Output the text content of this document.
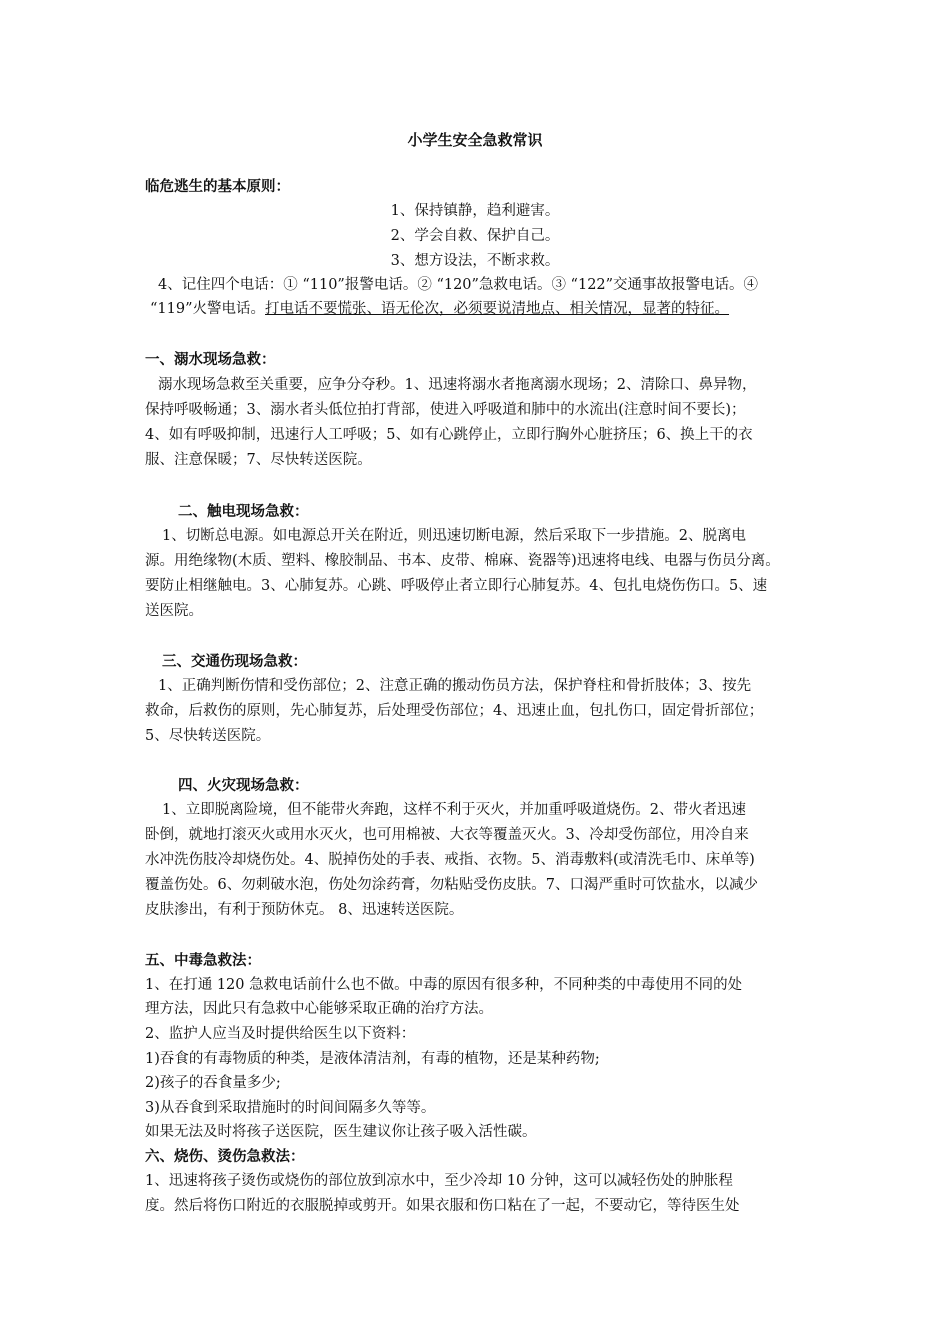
小学生安全急救常识
临危逃生的基本原则：
1、保持镇静，趋利避害。
2、学会自救、保护自己。
3、想方设法，不断求救。
4、记住四个电话：① “110”报警电话。② “120”急救电话。③ “122”交通事故报警电话。④
“119”火警电话。打电话不要慌张、语无伦次，必须要说清地点、相关情况，显著的特征。
一、溺水现场急救：
溺水现场急救至关重要，应争分夺秒。1、迅速将溺水者拖离溺水现场；2、清除口、鼻异物，
保持呼吸畅通；3、溺水者头低位拍打背部，使进入呼吸道和肺中的水流出(注意时间不要长)；
4、如有呼吸抑制，迅速行人工呼吸；5、如有心跳停止，立即行胸外心脏挤压；6、换上干的衣
服、注意保暖；7、尽快转送医院。
二、触电现场急救：
1、切断总电源。如电源总开关在附近，则迅速切断电源，然后采取下一步措施。2、脱离电
源。用绝缘物(木质、塑料、橡胶制品、书本、皮带、棉麻、瓷器等)迅速将电线、电器与伤员分离。
要防止相继触电。3、心肺复苏。心跳、呼吸停止者立即行心肺复苏。4、包扎电烧伤伤口。5、速
送医院。
三、交通伤现场急救：
1、正确判断伤情和受伤部位；2、注意正确的搬动伤员方法，保护脊柱和骨折肢体；3、按先
救命，后救伤的原则，先心肺复苏，后处理受伤部位；4、迅速止血，包扎伤口，固定骨折部位；
5、尽快转送医院。
四、火灾现场急救：
1、立即脱离险境，但不能带火奔跑，这样不利于灭火，并加重呼吸道烧伤。2、带火者迅速
卧倒，就地打滚灭火或用水灭火，也可用棉被、大衣等覆盖灭火。3、冷却受伤部位，用冷自来
水冲洗伤肢冷却烧伤处。4、脱掉伤处的手表、戒指、衣物。5、消毒敷料(或清洗毛巾、床单等)
覆盖伤处。6、勿刺破水泡，伤处勿涂药膏，勿粘贴受伤皮肤。7、口渴严重时可饮盐水，以减少
皮肤渗出，有利于预防休克。 8、迅速转送医院。
五、中毒急救法：
1、在打通 120 急救电话前什么也不做。中毒的原因有很多种，不同种类的中毒使用不同的处
理方法，因此只有急救中心能够采取正确的治疗方法。
2、监护人应当及时提供给医生以下资料：
1)吞食的有毒物质的种类，是液体清洁剂，有毒的植物，还是某种药物;
2)孩子的吞食量多少;
3)从吞食到采取措施时的时间间隔多久等等。
如果无法及时将孩子送医院，医生建议你让孩子吸入活性碳。
六、烧伤、烫伤急救法：
1、迅速将孩子烫伤或烧伤的部位放到凉水中，至少冷却 10 分钟，这可以减轻伤处的肿胀程
度。然后将伤口附近的衣服脱掉或剪开。如果衣服和伤口粘在了一起，不要动它，等待医生处
